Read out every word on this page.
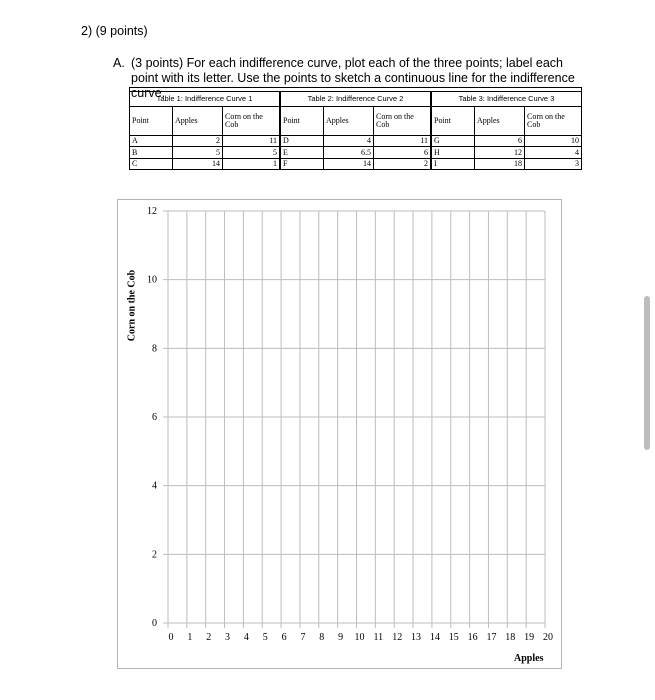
2) (9 points)
A. (3 points) For each indifference curve, plot each of the three points; label each point with its letter. Use the points to sketch a continuous line for the indifference curve.
Table 1: Indifference Curve 1		
Point	Apples	Corn on the Cob
A	2	11
B	5	5
C	14	1
Table 2: Indifference Curve 2		
Point	Apples	Corn on the Cob
D	4	11
E	6.5	6
F	14	2
Table 3: Indifference Curve 3		
Point	Apples	Corn on the Cob
G	6	10
H	12	4
I	18	3
0 1 2 3 4 5 6 7 8 9 10 11 12 13 14 15 16 17 18 19 20
0
2
4
6
8
10
12
Corn on the Cob
Apples
